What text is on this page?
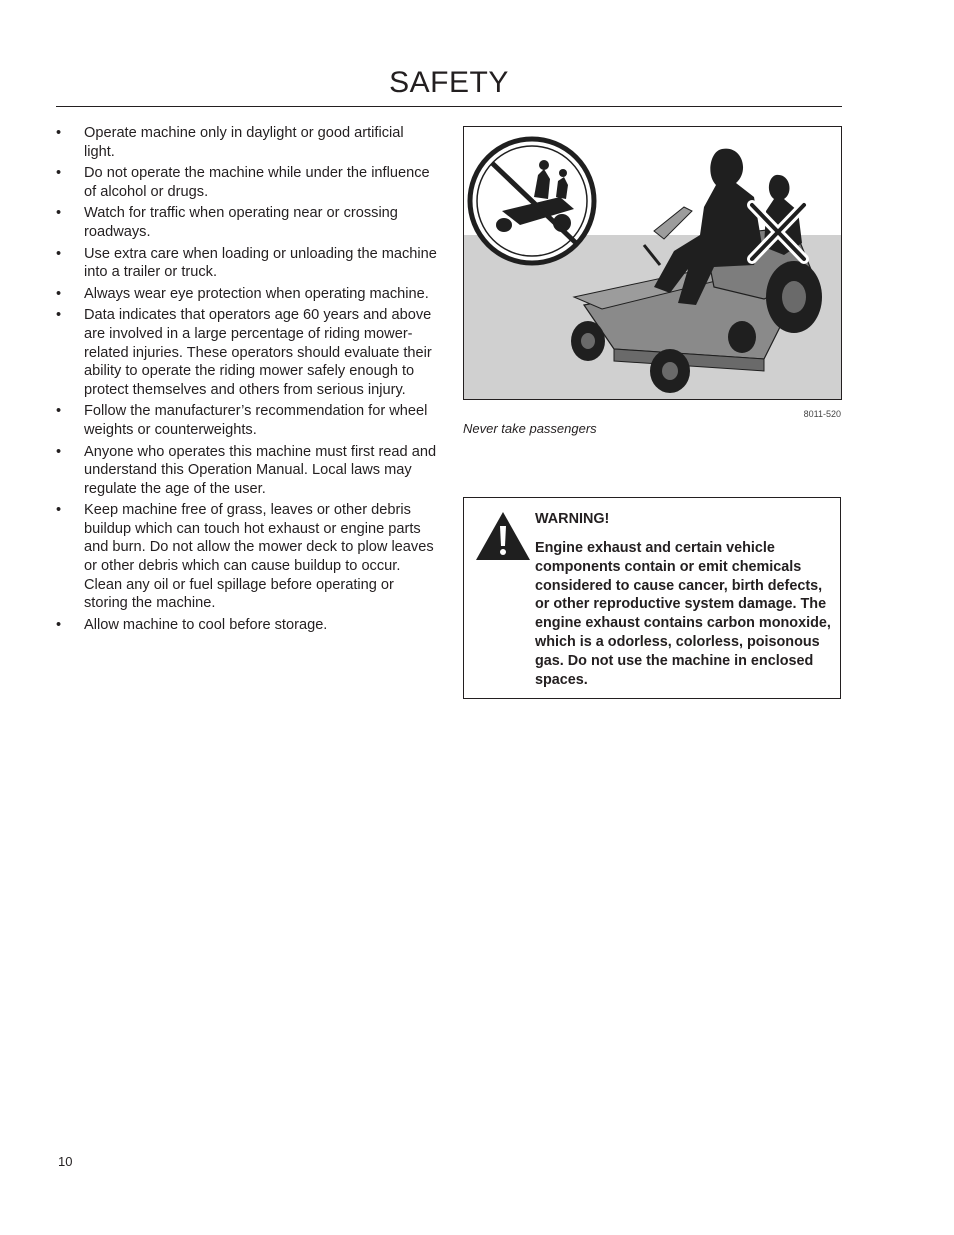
SAFETY
• Operate machine only in daylight or good artificial light.
• Do not operate the machine while under the influence of alcohol or drugs.
• Watch for traffic when operating near or crossing roadways.
• Use extra care when loading or unloading the machine into a trailer or truck.
• Always wear eye protection when operating machine.
• Data indicates that operators age 60 years and above are involved in a large percentage of riding mower-related injuries. These operators should evaluate their ability to operate the riding mower safely enough to protect themselves and others from serious injury.
• Follow the manufacturer’s recommendation for wheel weights or counterweights.
• Anyone who operates this machine must first read and understand this Operation Manual. Local laws may regulate the age of the user.
• Keep machine free of grass, leaves or other debris buildup which can touch hot exhaust or engine parts and burn. Do not allow the mower deck to plow leaves or other debris which can cause buildup to occur. Clean any oil or fuel spillage before operating or storing the machine.
• Allow machine to cool before storage.
8011-520
Never take passengers
WARNING!

Engine exhaust and certain vehicle components contain or emit chemicals considered to cause cancer, birth defects, or other reproductive system damage. The engine exhaust contains carbon monoxide, which is a odorless, colorless, poisonous gas. Do not use the machine in enclosed spaces.

10
